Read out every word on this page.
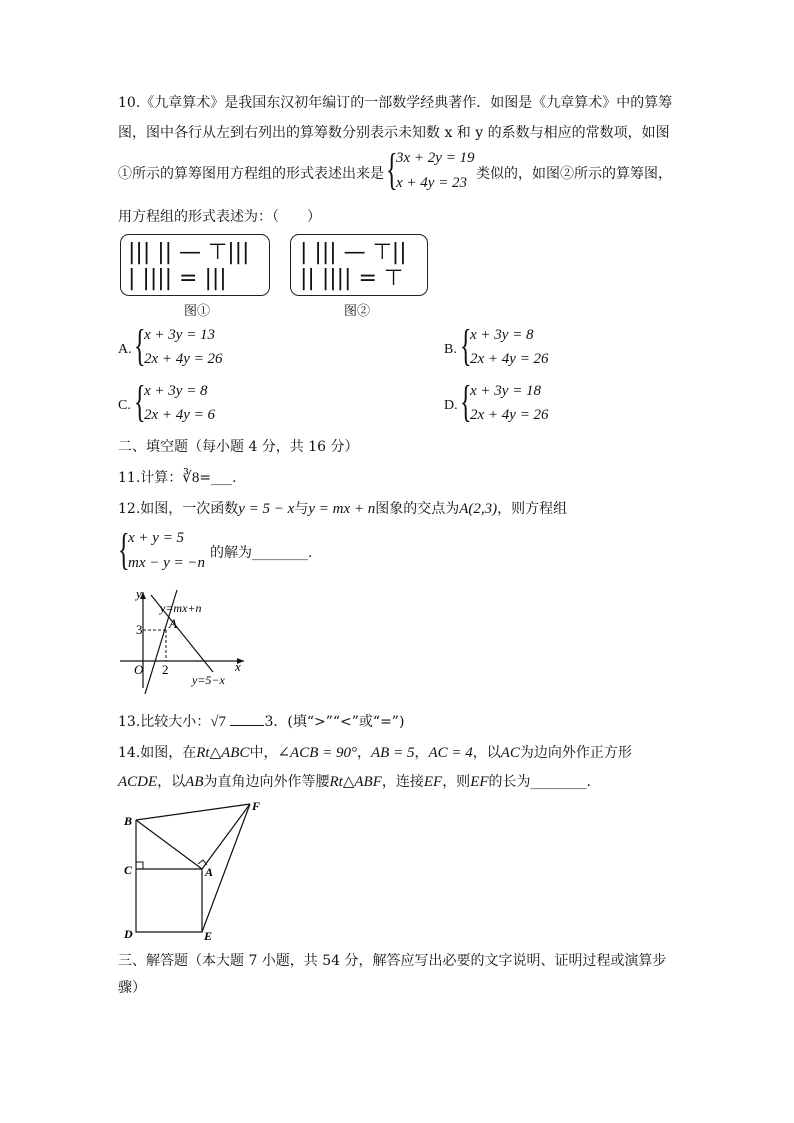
10.《九章算术》是我国东汉初年编订的一部数学经典著作．如图是《九章算术》中的算筹
图，图中各行从左到右列出的算筹数分别表示未知数 x 和 y 的系数与相应的常数项，如图
①所示的算筹图用方程组的形式表述出来是 {
3x + 2y = 19
x + 4y = 23
类似的，如图②所示的算筹图，
用方程组的形式表述为：（　　）
||| || — ⊤|||
| |||| = |||
图①
| ||| — ⊤||
|| |||| = ⊤
图②
A. {
x + 3y = 13
2x + 4y = 26
B. {
x + 3y = 8
2x + 4y = 26
C. {
x + 3y = 8
2x + 4y = 6
D. {
x + 3y = 18
2x + 4y = 26
二、填空题（每小题 4 分，共 16 分）
11.计算：∛8=___.
12.如图，一次函数y = 5 − x与y = mx + n图象的交点为A(2,3)，则方程组
{
x + y = 5
mx − y = −n
的解为________.
y
x
O 2
3 A
y=mx+n
y=5−x
13.比较大小：√7	3．(填“>”“<”或“=”)
14.如图，在Rt△ABC中，∠ACB = 90°，AB = 5，AC = 4，以AC为边向外作正方形
ACDE，以AB为直角边向外作等腰Rt△ABF，连接EF，则EF的长为________.
B
C
D
A
E
F
三、解答题（本大题 7 小题，共 54 分，解答应写出必要的文字说明、证明过程或演算步
骤）
